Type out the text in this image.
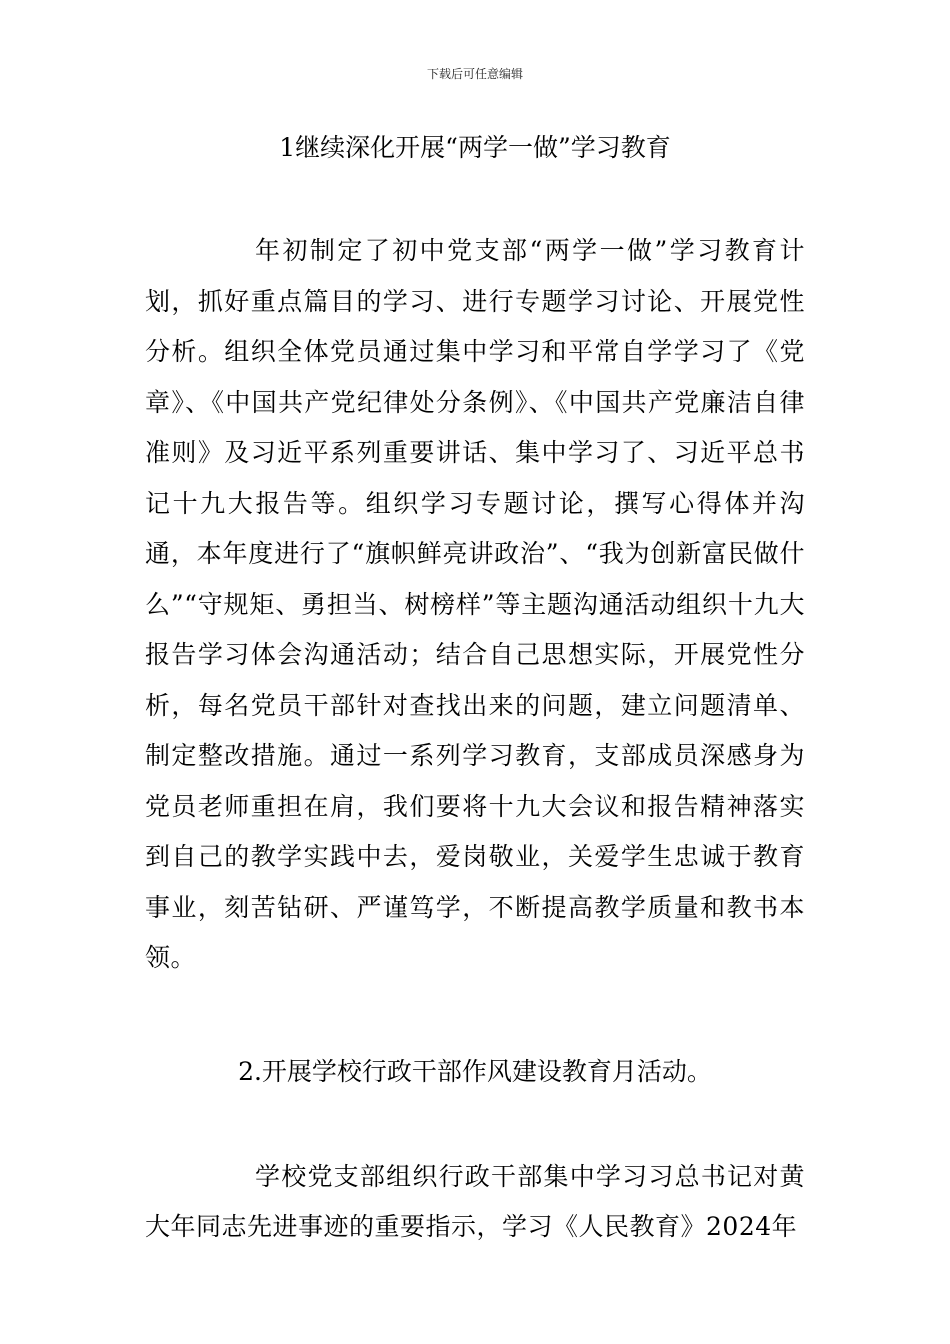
下载后可任意编辑
1继续深化开展“两学一做”学习教育

年初制定了初中党支部“两学一做”学习教育计划，抓好重点篇目的学习、进行专题学习讨论、开展党性分析。组织全体党员通过集中学习和平常自学学习了《党章》、《中国共产党纪律处分条例》、《中国共产党廉洁自律准则》及习近平系列重要讲话、集中学习了、习近平总书记十九大报告等。组织学习专题讨论，撰写心得体并沟通，本年度进行了“旗帜鲜亮讲政治”、“我为创新富民做什么”“守规矩、勇担当、树榜样”等主题沟通活动组织十九大报告学习体会沟通活动；结合自己思想实际，开展党性分析，每名党员干部针对查找出来的问题，建立问题清单、制定整改措施。通过一系列学习教育，支部成员深感身为党员老师重担在肩，我们要将十九大会议和报告精神落实到自己的教学实践中去，爱岗敬业，关爱学生忠诚于教育事业，刻苦钻研、严谨笃学，不断提高教学质量和教书本领。

2.开展学校行政干部作风建设教育月活动。

学校党支部组织行政干部集中学习习总书记对黄大年同志先进事迹的重要指示，学习《人民教育》2024年
